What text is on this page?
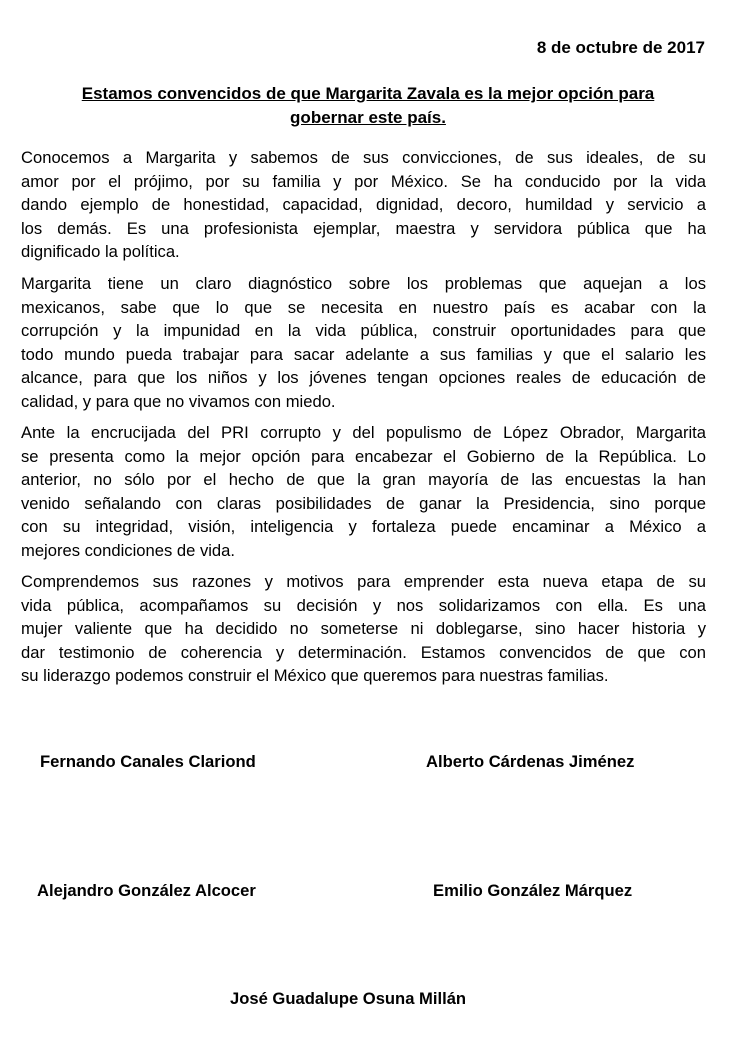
8 de octubre de 2017
Estamos convencidos de que Margarita Zavala es la mejor opción para
gobernar este país.
Conocemos a Margarita y sabemos de sus convicciones, de sus ideales, de su
amor por el prójimo, por su familia y por México. Se ha conducido por la vida
dando ejemplo de honestidad, capacidad, dignidad, decoro, humildad y servicio a
los demás. Es una profesionista ejemplar, maestra y servidora pública que ha
dignificado la política.
Margarita tiene un claro diagnóstico sobre los problemas que aquejan a los
mexicanos, sabe que lo que se necesita en nuestro país es acabar con la
corrupción y la impunidad en la vida pública, construir oportunidades para que
todo mundo pueda trabajar para sacar adelante a sus familias y que el salario les
alcance, para que los niños y los jóvenes tengan opciones reales de educación de
calidad, y para que no vivamos con miedo.
Ante la encrucijada del PRI corrupto y del populismo de López Obrador, Margarita
se presenta como la mejor opción para encabezar el Gobierno de la República. Lo
anterior, no sólo por el hecho de que la gran mayoría de las encuestas la han
venido señalando con claras posibilidades de ganar la Presidencia, sino porque
con su integridad, visión, inteligencia y fortaleza puede encaminar a México a
mejores condiciones de vida.
Comprendemos sus razones y motivos para emprender esta nueva etapa de su
vida pública, acompañamos su decisión y nos solidarizamos con ella. Es una
mujer valiente que ha decidido no someterse ni doblegarse, sino hacer historia y
dar testimonio de coherencia y determinación. Estamos convencidos de que con
su liderazgo podemos construir el México que queremos para nuestras familias.
Fernando Canales Clariond	Alberto Cárdenas Jiménez
Alejandro González Alcocer	Emilio González Márquez
José Guadalupe Osuna Millán
